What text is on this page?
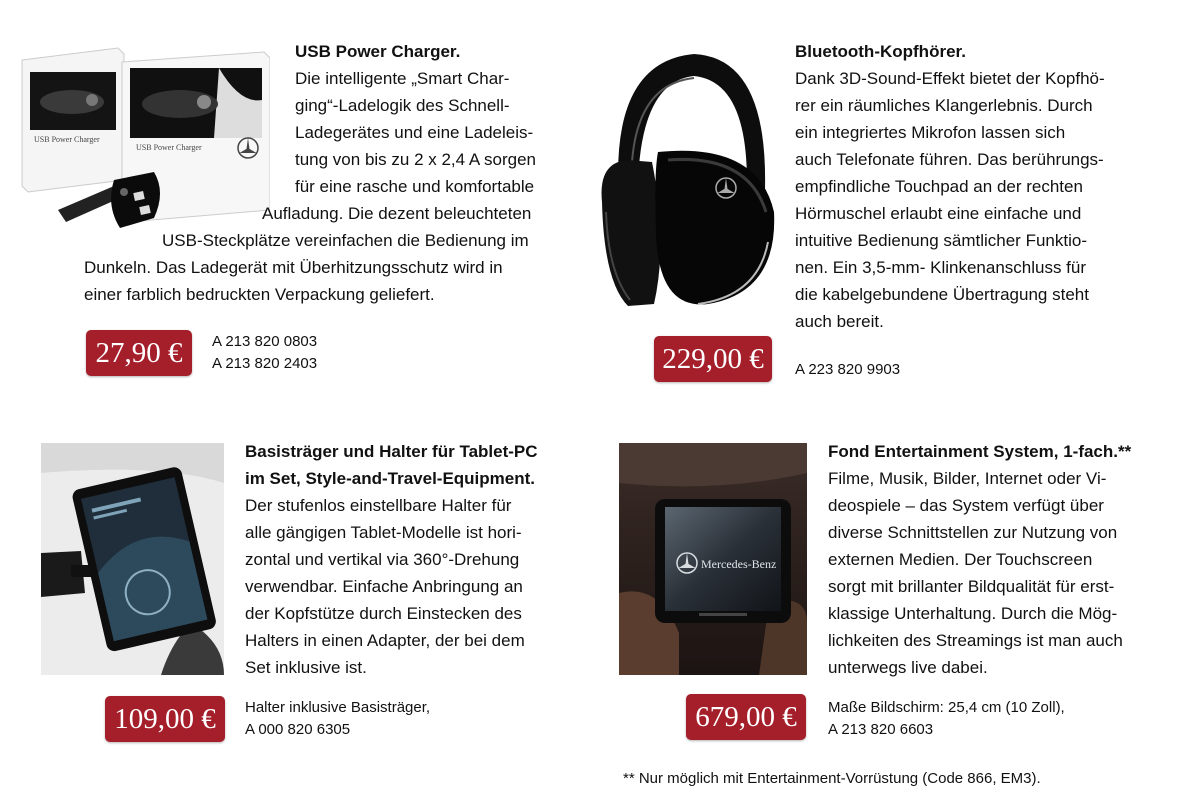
USB Power Charger
USB Power Charger
USB Power Charger.
Die intelligente „Smart Char-
ging“-Ladelogik des Schnell-
Ladegerätes und eine Ladeleis-
tung von bis zu 2 x 2,4 A sorgen
für eine rasche und komfortable
Aufladung. Die dezent beleuchteten
USB-Steckplätze vereinfachen die Bedienung im
Dunkeln. Das Ladegerät mit Überhitzungsschutz wird in
einer farblich bedruckten Verpackung geliefert.
27,90 €	A 213 820 0803
A 213 820 2403
Bluetooth-Kopfhörer.
Dank 3D-Sound-Effekt bietet der Kopfhö-
rer ein räumliches Klangerlebnis. Durch
ein integriertes Mikrofon lassen sich
auch Telefonate führen. Das berührungs-
empfindliche Touchpad an der rechten
Hörmuschel erlaubt eine einfache und
intuitive Bedienung sämtlicher Funktio-
nen. Ein 3,5-mm- Klinkenanschluss für
die kabelgebundene Übertragung steht
auch bereit.
229,00 €	A 223 820 9903
Basisträger und Halter für Tablet-PC
im Set, Style-and-Travel-Equipment.
Der stufenlos einstellbare Halter für
alle gängigen Tablet-Modelle ist hori-
zontal und vertikal via 360°-Drehung
verwendbar. Einfache Anbringung an
der Kopfstütze durch Einstecken des
Halters in einen Adapter, der bei dem
Set inklusive ist.
109,00 €	Halter inklusive Basisträger,
A 000 820 6305
Mercedes-Benz
Fond Entertainment System, 1-fach.**
Filme, Musik, Bilder, Internet oder Vi-
deospiele – das System verfügt über
diverse Schnittstellen zur Nutzung von
externen Medien. Der Touchscreen
sorgt mit brillanter Bildqualität für erst-
klassige Unterhaltung. Durch die Mög-
lichkeiten des Streamings ist man auch
unterwegs live dabei.
679,00 €	Maße Bildschirm: 25,4 cm (10 Zoll),
A 213 820 6603
** Nur möglich mit Entertainment-Vorrüstung (Code 866, EM3).
